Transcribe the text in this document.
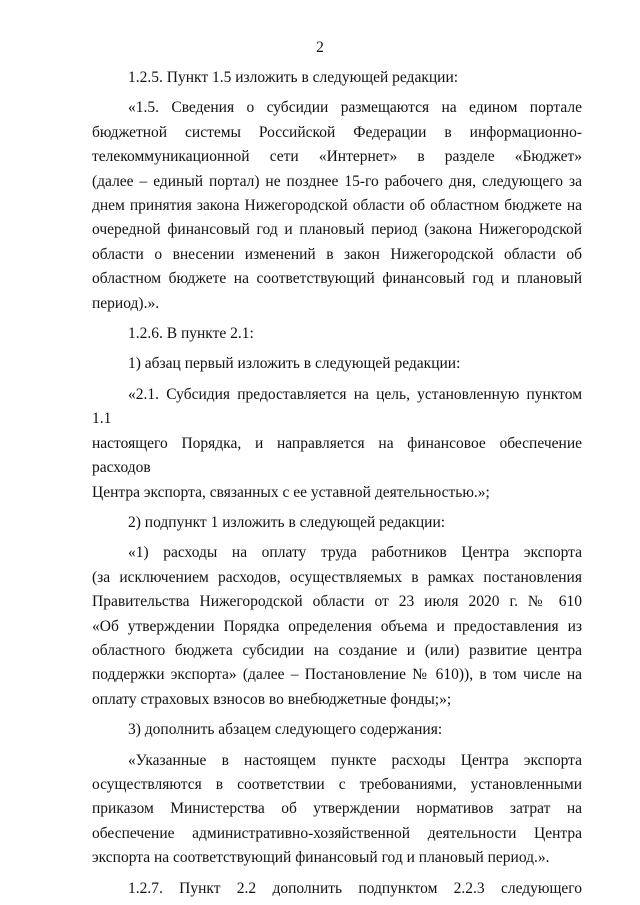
2

1.2.5. Пункт 1.5 изложить в следующей редакции:

«1.5. Сведения о субсидии размещаются на едином портале
бюджетной системы Российской Федерации в информационно-
телекоммуникационной сети «Интернет» в разделе «Бюджет»
(далее – единый портал) не позднее 15-го рабочего дня, следующего за
днем принятия закона Нижегородской области об областном бюджете на
очередной финансовый год и плановый период (закона Нижегородской
области о внесении изменений в закон Нижегородской области об
областном бюджете на соответствующий финансовый год и плановый
период).».

1.2.6. В пункте 2.1:

1) абзац первый изложить в следующей редакции:

«2.1. Субсидия предоставляется на цель, установленную пунктом 1.1
настоящего Порядка, и направляется на финансовое обеспечение расходов
Центра экспорта, связанных с ее уставной деятельностью.»;

2) подпункт 1 изложить в следующей редакции:

«1) расходы на оплату труда работников Центра экспорта
(за исключением расходов, осуществляемых в рамках постановления
Правительства Нижегородской области от 23 июля 2020 г. № 610
«Об утверждении Порядка определения объема и предоставления из
областного бюджета субсидии на создание и (или) развитие центра
поддержки экспорта» (далее – Постановление № 610)), в том числе на
оплату страховых взносов во внебюджетные фонды;»;

3) дополнить абзацем следующего содержания:

«Указанные в настоящем пункте расходы Центра экспорта
осуществляются в соответствии с требованиями, установленными
приказом Министерства об утверждении нормативов затрат на
обеспечение административно-хозяйственной деятельности Центра
экспорта на соответствующий финансовый год и плановый период.».

1.2.7. Пункт 2.2 дополнить подпунктом 2.2.3 следующего
